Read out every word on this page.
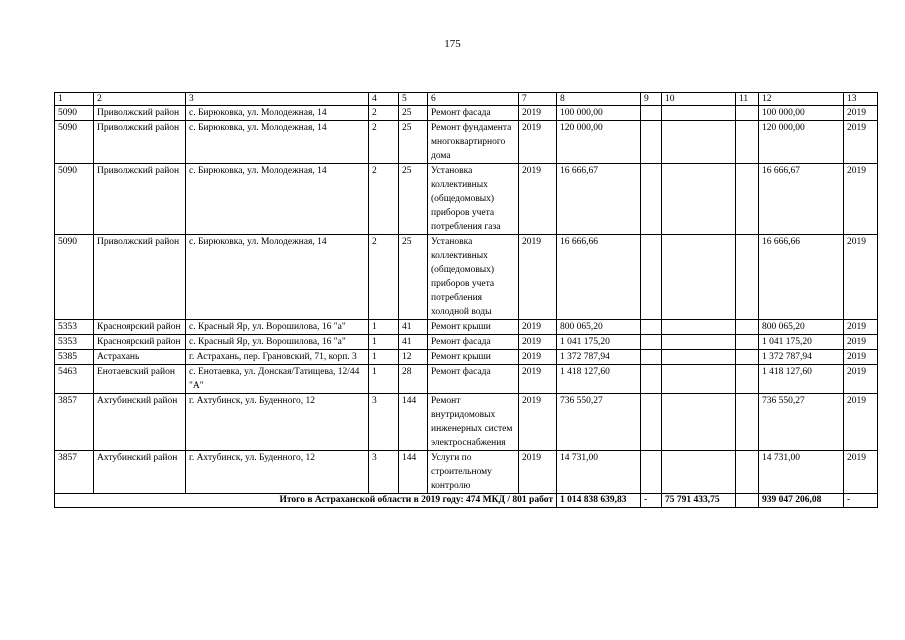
175
1	2	3	4	5	6	7	8	9	10	11	12	13
5090	Приволжский район	с. Бирюковка, ул. Молодежная, 14	2	25	Ремонт фасада	2019	100 000,00				100 000,00	2019
5090	Приволжский район	с. Бирюковка, ул. Молодежная, 14	2	25	Ремонт фундамента многоквартирного дома	2019	120 000,00				120 000,00	2019
5090	Приволжский район	с. Бирюковка, ул. Молодежная, 14	2	25	Установка коллективных (общедомовых) приборов учета потребления газа	2019	16 666,67				16 666,67	2019
5090	Приволжский район	с. Бирюковка, ул. Молодежная, 14	2	25	Установка коллективных (общедомовых) приборов учета потребления холодной воды	2019	16 666,66				16 666,66	2019
5353	Красноярский район	с. Красный Яр, ул. Ворошилова, 16 "а"	1	41	Ремонт крыши	2019	800 065,20				800 065,20	2019
5353	Красноярский район	с. Красный Яр, ул. Ворошилова, 16 "а"	1	41	Ремонт фасада	2019	1 041 175,20				1 041 175,20	2019
5385	Астрахань	г. Астрахань, пер. Грановский, 71, корп. 3	1	12	Ремонт крыши	2019	1 372 787,94				1 372 787,94	2019
5463	Енотаевский район	с. Енотаевка, ул. Донская/Татищева, 12/44 "А"	1	28	Ремонт фасада	2019	1 418 127,60				1 418 127,60	2019
3857	Ахтубинский район	г. Ахтубинск, ул. Буденного, 12	3	144	Ремонт внутридомовых инженерных систем электроснабжения	2019	736 550,27				736 550,27	2019
3857	Ахтубинский район	г. Ахтубинск, ул. Буденного, 12	3	144	Услуги по строительному контролю	2019	14 731,00				14 731,00	2019
Итого в Астраханской области в 2019 году: 474 МКД / 801 работ							1 014 838 639,83	-	75 791 433,75		939 047 206,08	-
